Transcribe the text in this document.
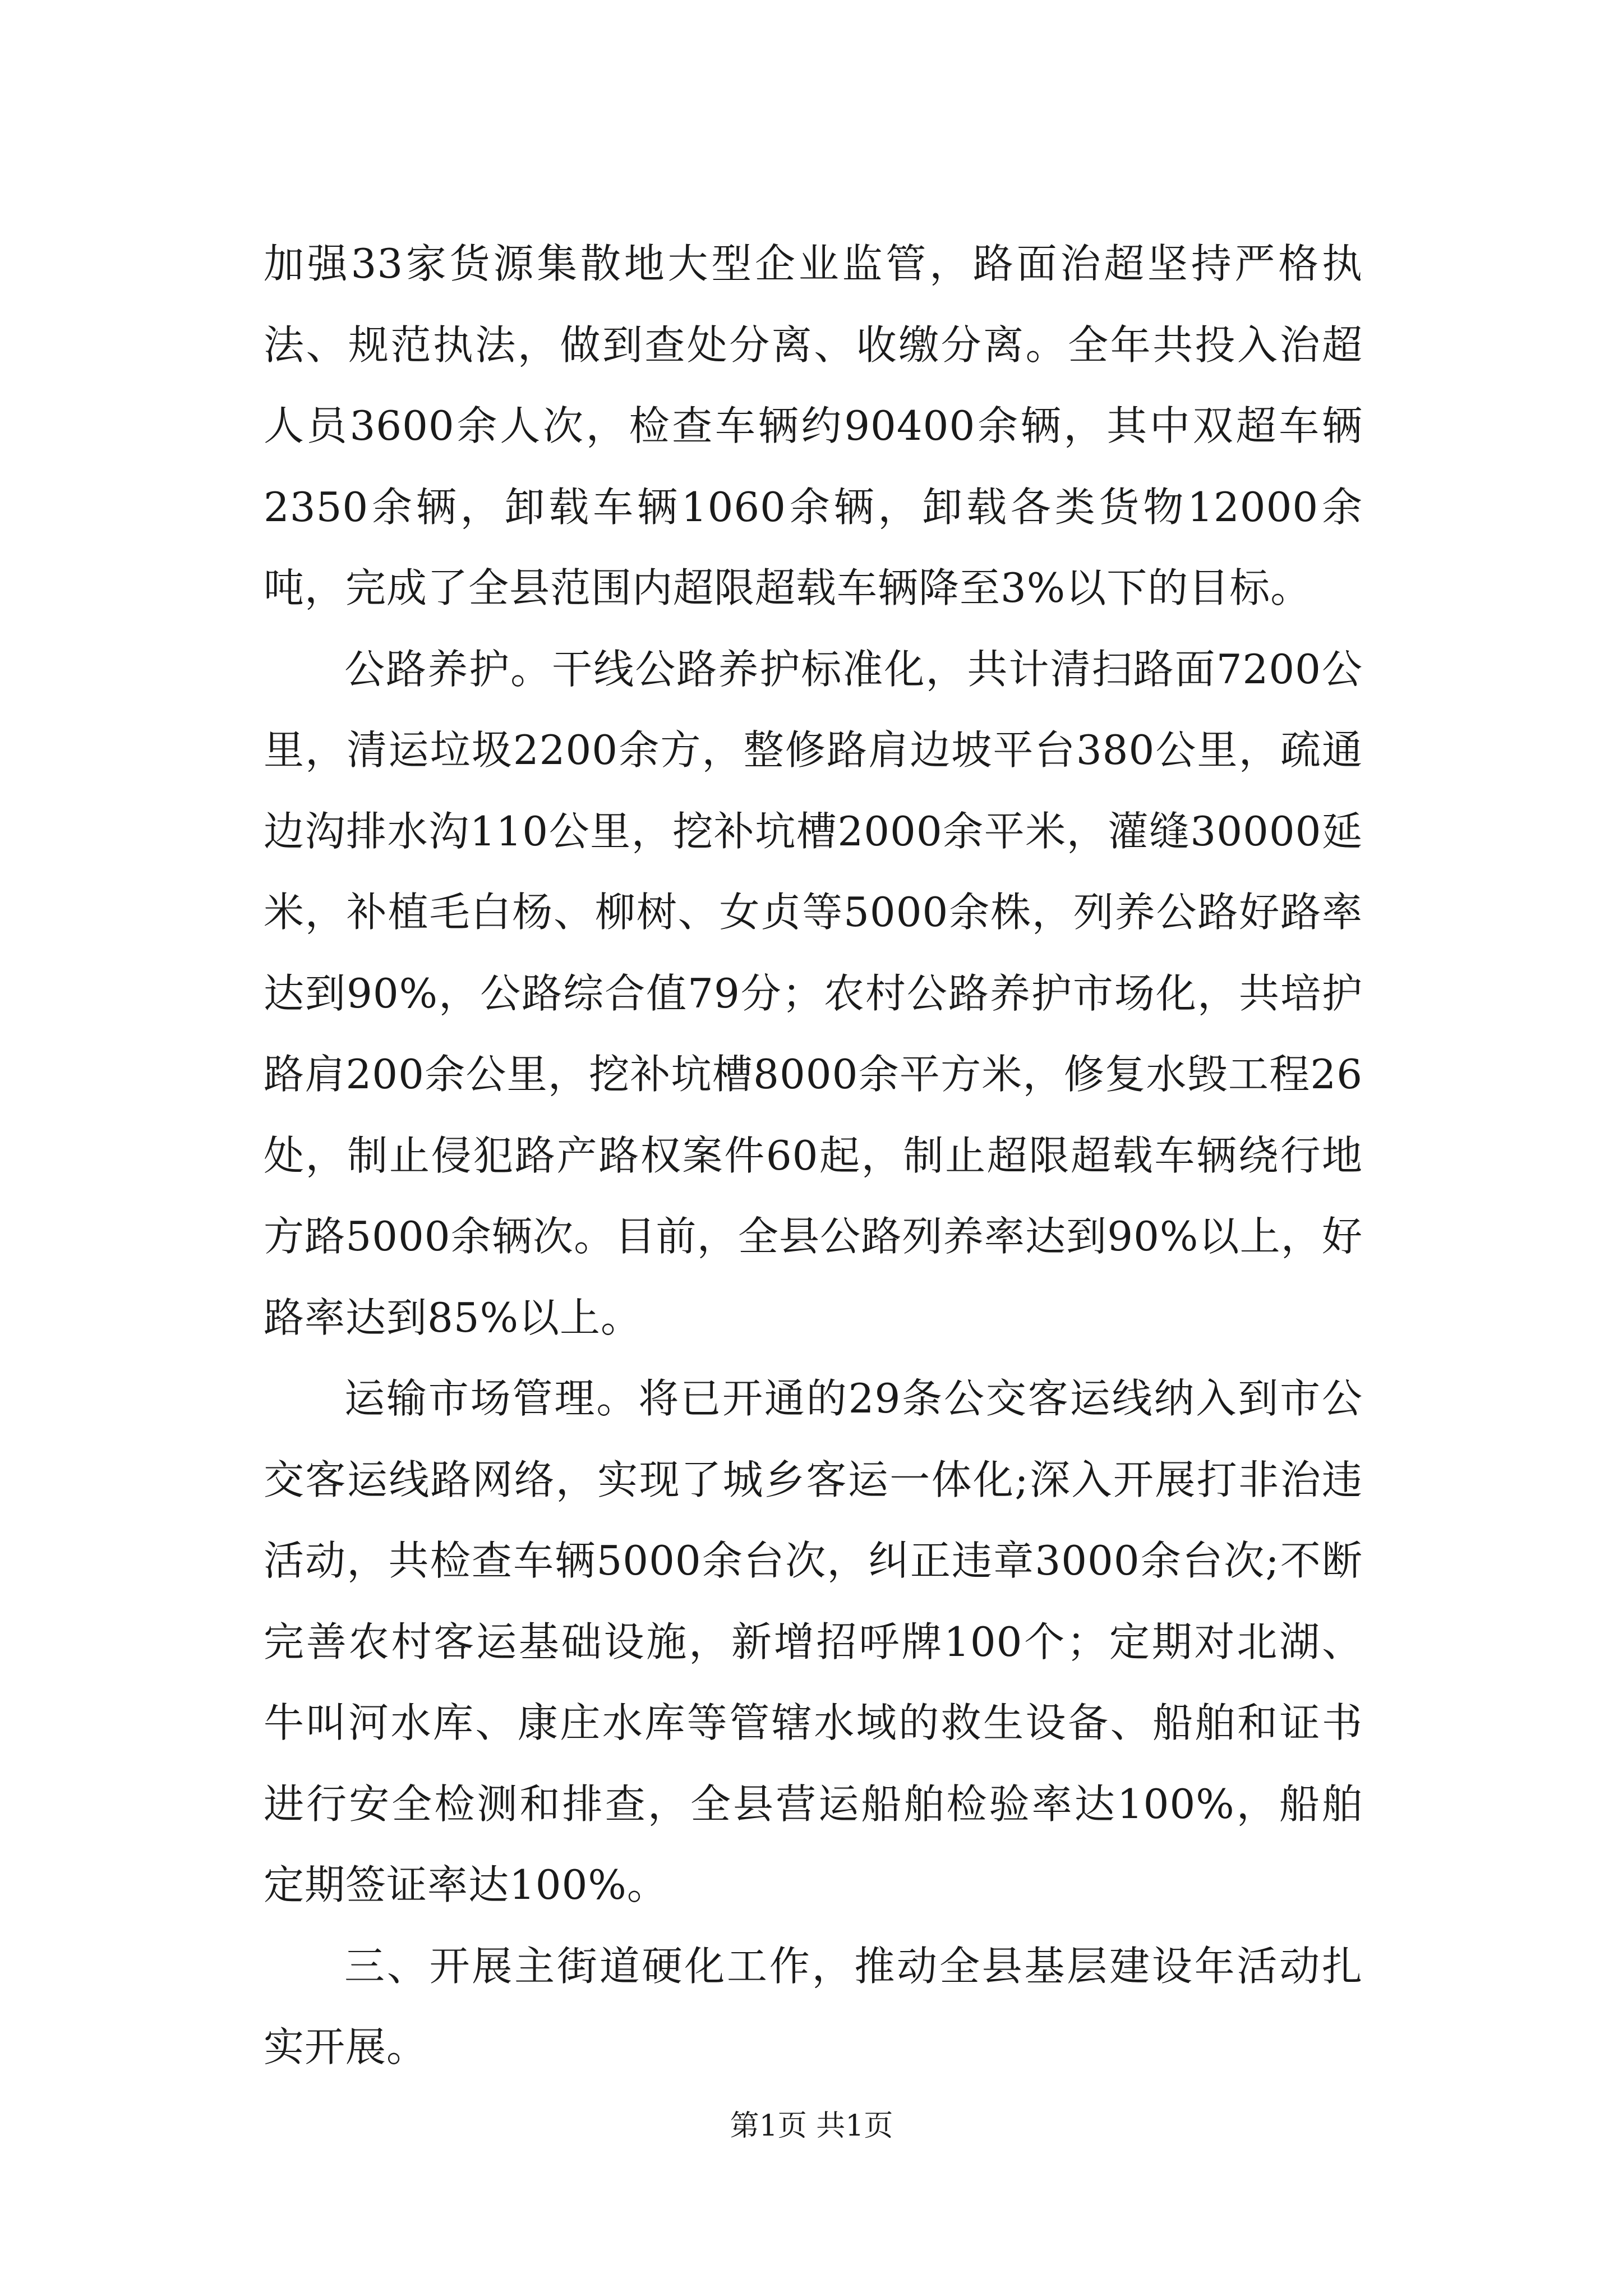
加强33家货源集散地大型企业监管，路面治超坚持严格执法、规范执法，做到查处分离、收缴分离。全年共投入治超人员3600余人次，检查车辆约90400余辆，其中双超车辆2350余辆，卸载车辆1060余辆，卸载各类货物12000余吨，完成了全县范围内超限超载车辆降至3%以下的目标。

公路养护。干线公路养护标准化，共计清扫路面7200公里，清运垃圾2200余方，整修路肩边坡平台380公里，疏通边沟排水沟110公里，挖补坑槽2000余平米，灌缝30000延米，补植毛白杨、柳树、女贞等5000余株，列养公路好路率达到90%，公路综合值79分；农村公路养护市场化，共培护路肩200余公里，挖补坑槽8000余平方米，修复水毁工程26处，制止侵犯路产路权案件60起，制止超限超载车辆绕行地方路5000余辆次。目前，全县公路列养率达到90%以上，好路率达到85%以上。

运输市场管理。将已开通的29条公交客运线纳入到市公交客运线路网络，实现了城乡客运一体化;深入开展打非治违活动，共检查车辆5000余台次，纠正违章3000余台次;不断完善农村客运基础设施，新增招呼牌100个；定期对北湖、牛叫河水库、康庄水库等管辖水域的救生设备、船舶和证书进行安全检测和排查，全县营运船舶检验率达100%，船舶定期签证率达100%。

三、开展主街道硬化工作，推动全县基层建设年活动扎实开展。

第1页 共1页
